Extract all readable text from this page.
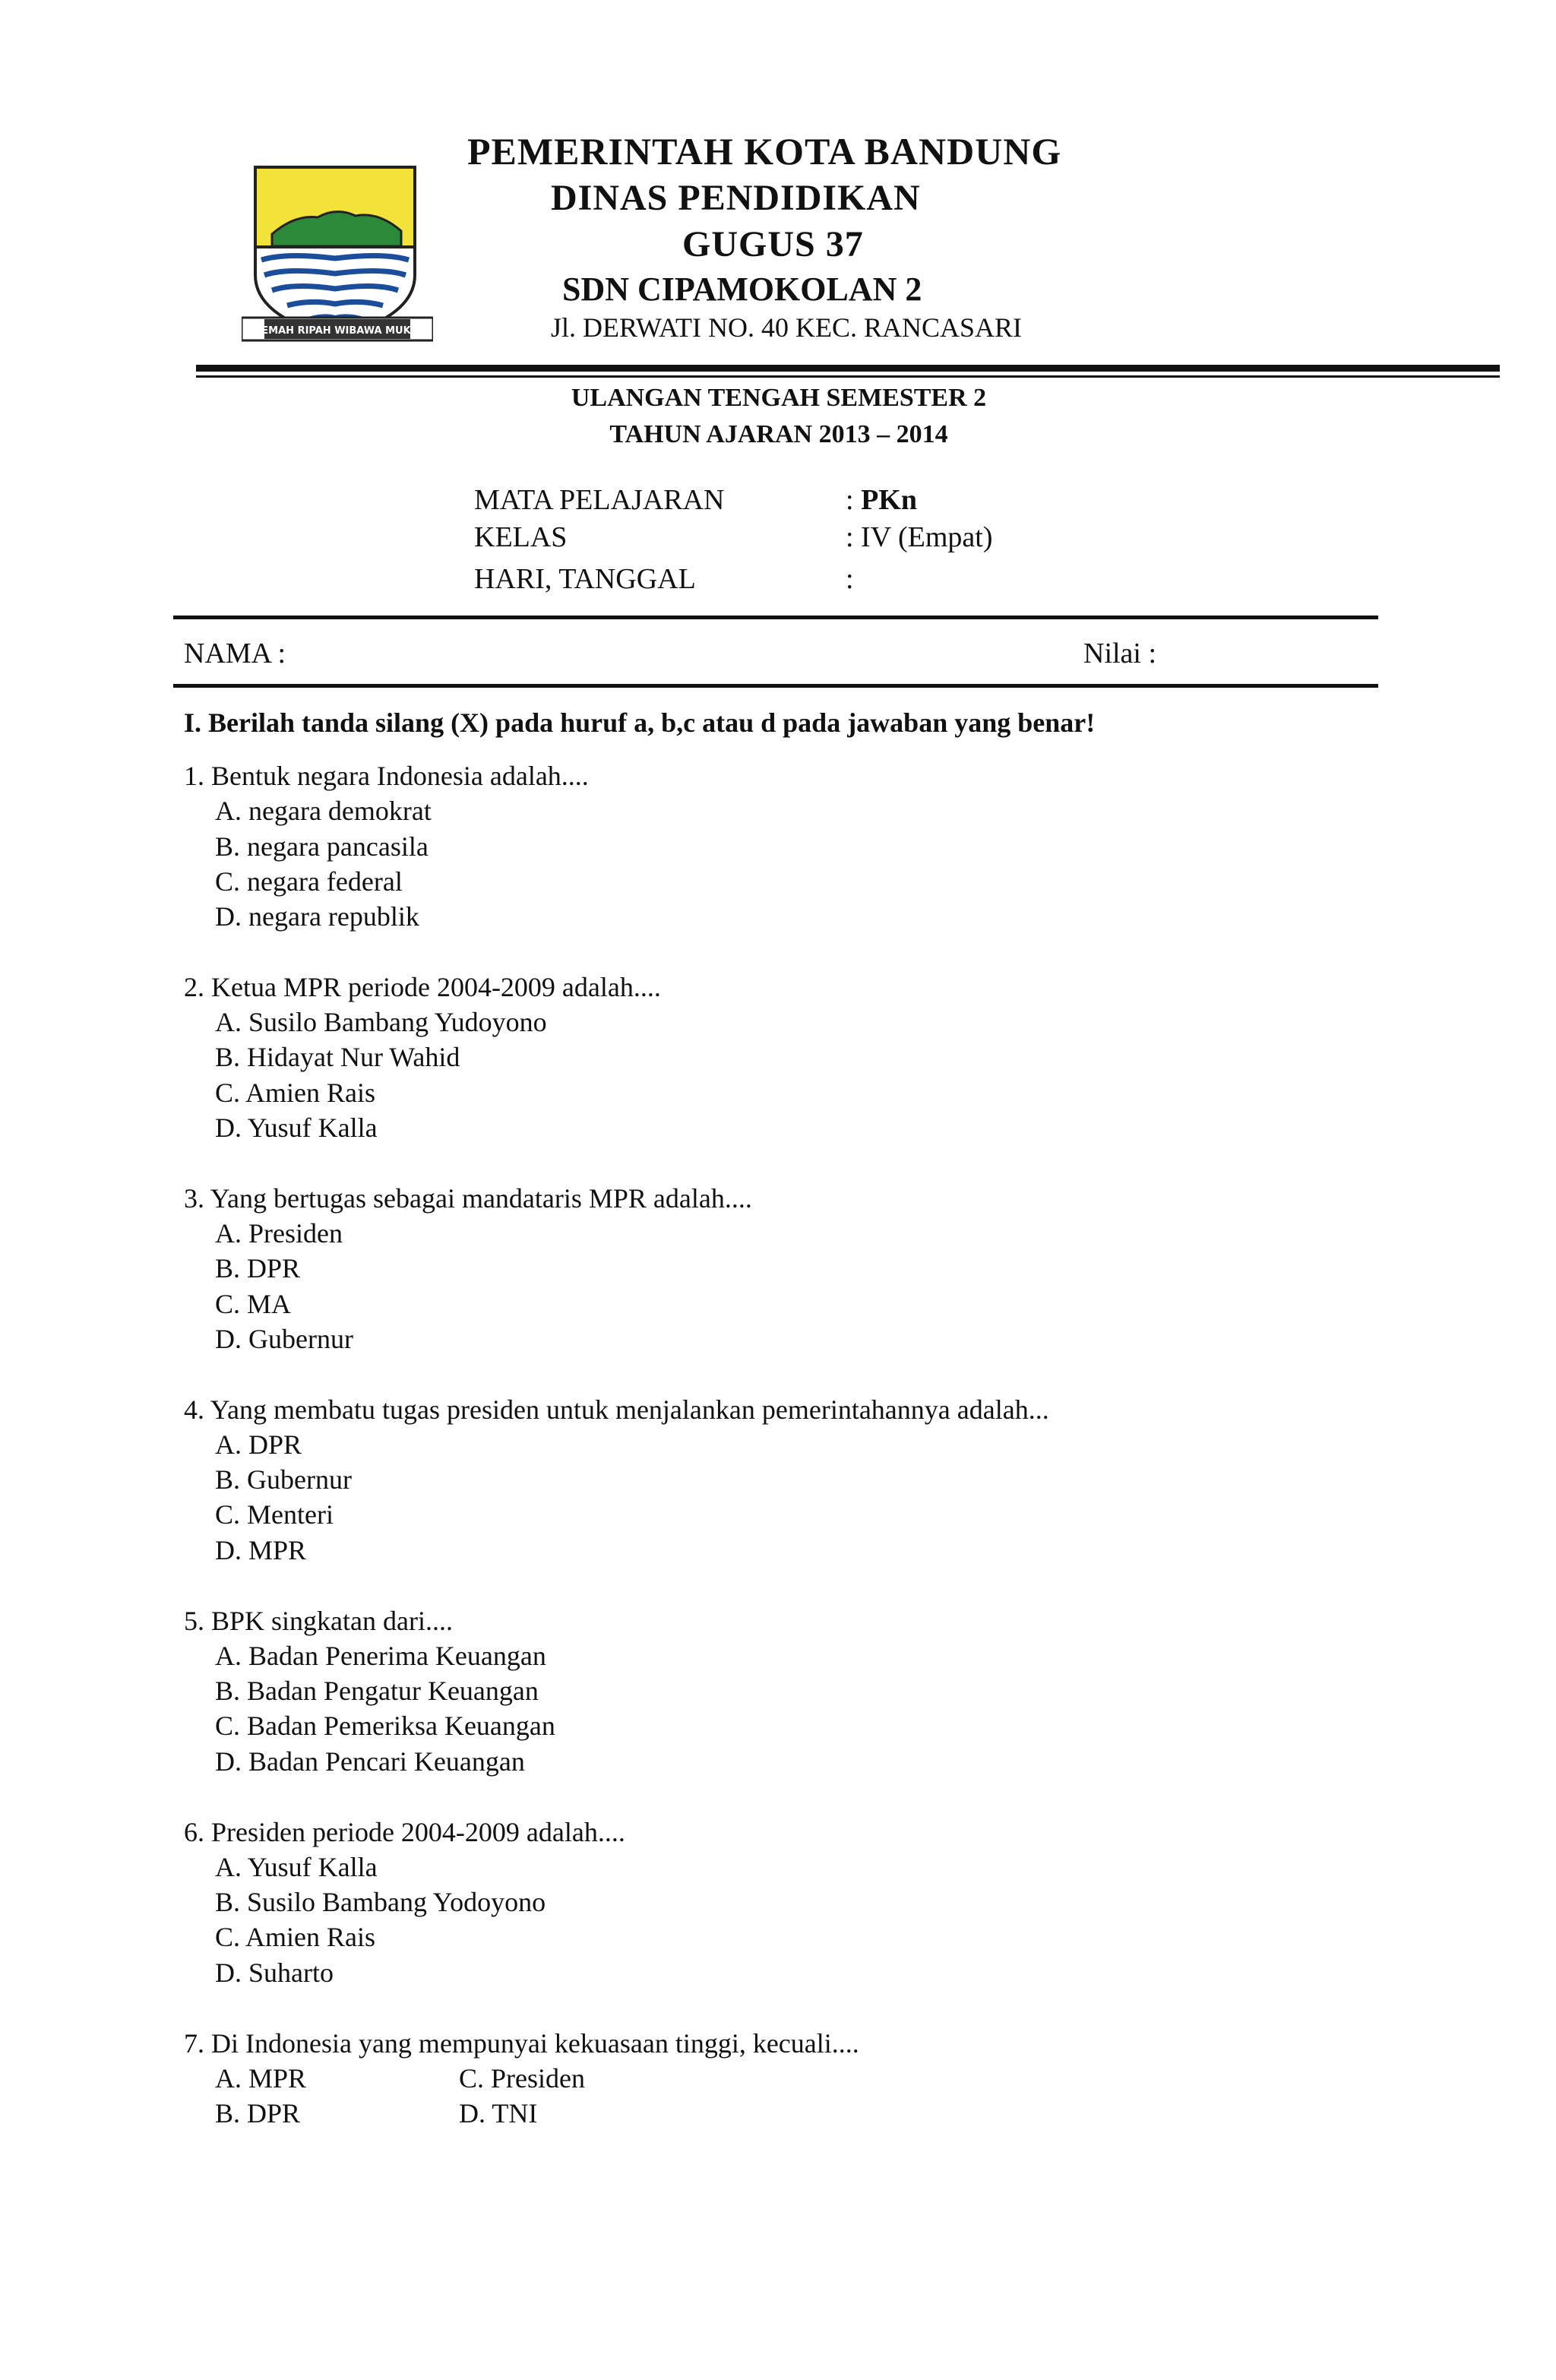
GEMAH RIPAH WIBAWA MUKTI
PEMERINTAH KOTA BANDUNG
DINAS PENDIDIKAN
GUGUS 37
SDN CIPAMOKOLAN 2
Jl. DERWATI NO. 40 KEC. RANCASARI
ULANGAN TENGAH SEMESTER 2
TAHUN AJARAN 2013 – 2014
MATA PELAJARAN	: PKn
KELAS	: IV (Empat)
HARI, TANGGAL	:
NAMA :	Nilai :
I. Berilah tanda silang (X) pada huruf a, b,c atau d pada jawaban yang benar!
1. Bentuk negara Indonesia adalah....
A. negara demokrat
B. negara pancasila
C. negara federal
D. negara republik
2. Ketua MPR periode 2004-2009 adalah....
A. Susilo Bambang Yudoyono
B. Hidayat Nur Wahid
C. Amien Rais
D. Yusuf Kalla
3. Yang bertugas sebagai mandataris MPR adalah....
A. Presiden
B. DPR
C. MA
D. Gubernur
4. Yang membatu tugas presiden untuk menjalankan pemerintahannya adalah...
A. DPR
B. Gubernur
C. Menteri
D. MPR
5. BPK singkatan dari....
A. Badan Penerima Keuangan
B. Badan Pengatur Keuangan
C. Badan Pemeriksa Keuangan
D. Badan Pencari Keuangan
6. Presiden periode 2004-2009 adalah....
A. Yusuf Kalla
B. Susilo Bambang Yodoyono
C. Amien Rais
D. Suharto
7. Di Indonesia yang mempunyai kekuasaan tinggi, kecuali....
A. MPR	C. Presiden
B. DPR	D. TNI
